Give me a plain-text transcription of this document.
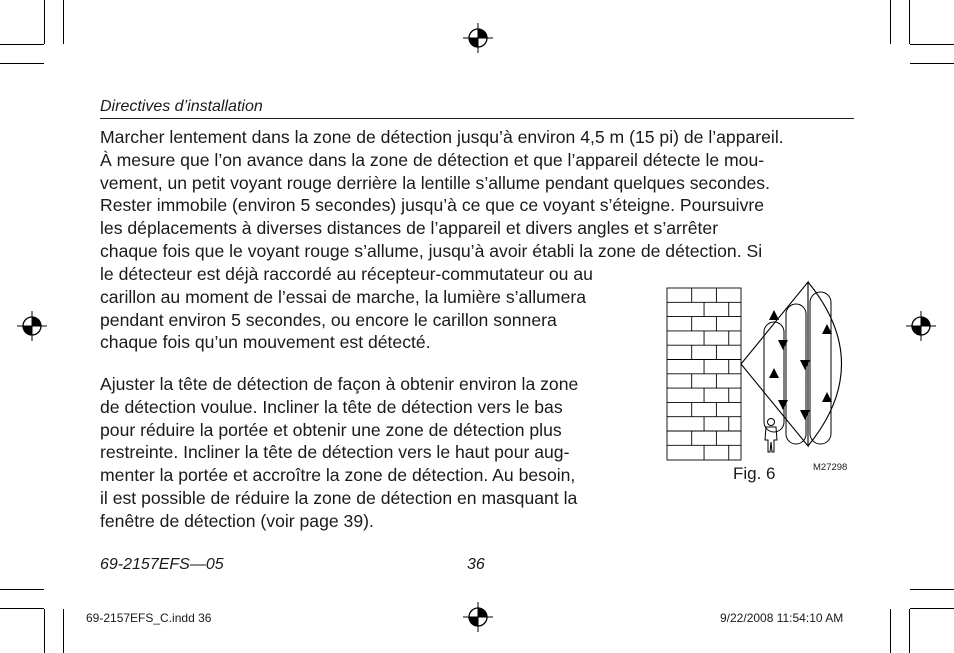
Directives d’installation

Marcher lentement dans la zone de détection jusqu’à environ 4,5 m (15 pi) de l’appareil.

À mesure que l’on avance dans la zone de détection et que l’appareil détecte le mou-

vement, un petit voyant rouge derrière la lentille s’allume pendant quelques secondes.

Rester immobile (environ 5 secondes) jusqu’à ce que ce voyant s’éteigne. Poursuivre

les déplacements à diverses distances de l’appareil et divers angles et s’arrêter

chaque fois que le voyant rouge s’allume, jusqu’à avoir établi la zone de détection. Si

le détecteur est déjà raccordé au récepteur-commutateur ou au

carillon au moment de l’essai de marche, la lumière s’allumera

pendant environ 5 secondes, ou encore le carillon sonnera

chaque fois qu’un mouvement est détecté.

Ajuster la tête de détection de façon à obtenir environ la zone

de détection voulue. Incliner la tête de détection vers le bas

pour réduire la portée et obtenir une zone de détection plus

restreinte. Incliner la tête de détection vers le haut pour aug-

menter la portée et accroître la zone de détection. Au besoin,

il est possible de réduire la zone de détection en masquant la

fenêtre de détection (voir page 39).

Fig. 6	M27298
69-2157EFS—05	36
69-2157EFS_C.indd 36	9/22/2008 11:54:10 AM
